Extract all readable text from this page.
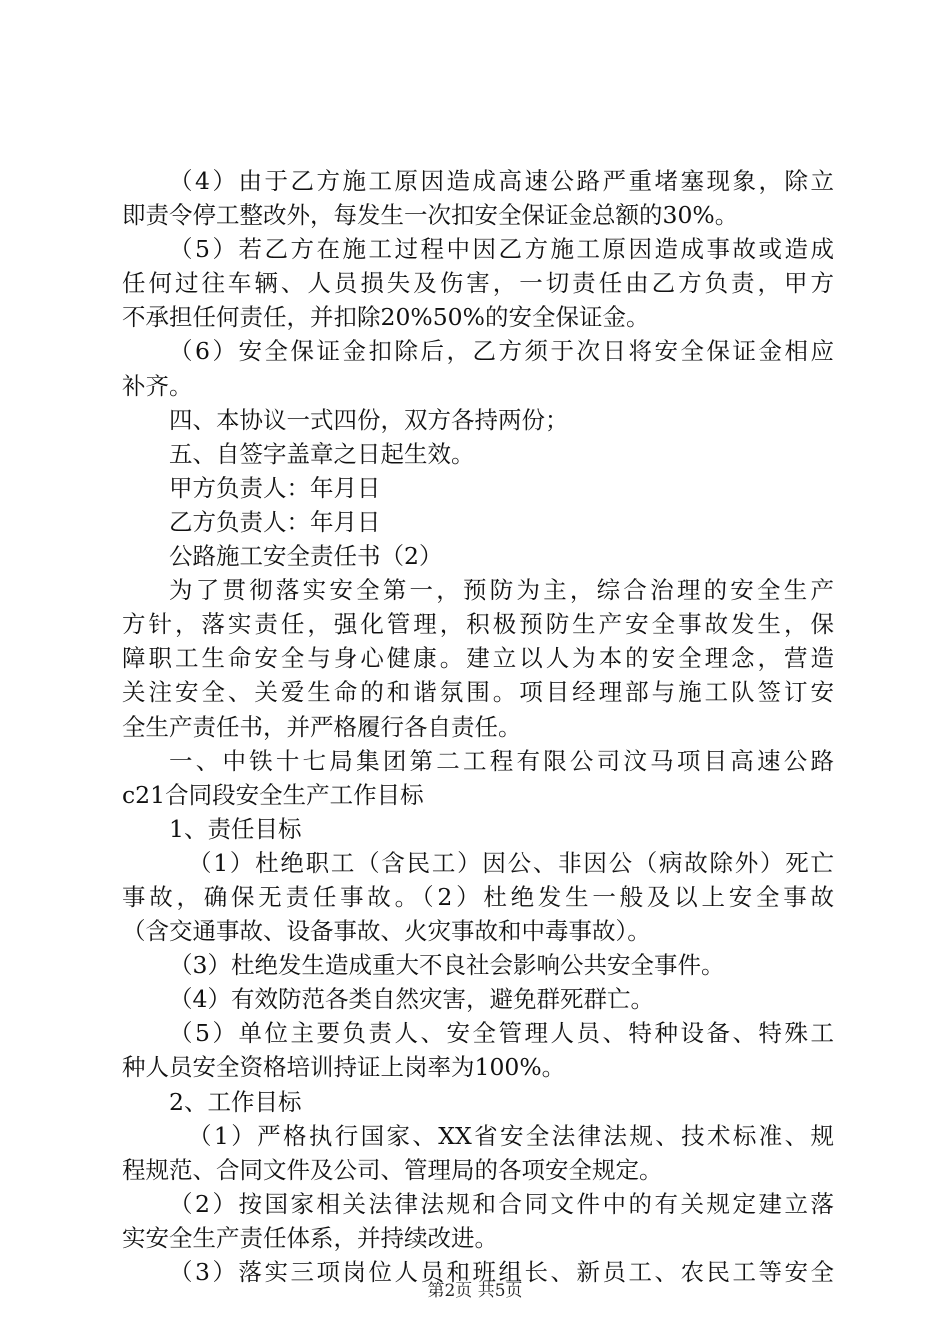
（4）由于乙方施工原因造成高速公路严重堵塞现象，除立
即责令停工整改外，每发生一次扣安全保证金总额的30%。
（5）若乙方在施工过程中因乙方施工原因造成事故或造成
任何过往车辆、人员损失及伤害，一切责任由乙方负责，甲方
不承担任何责任，并扣除20%50%的安全保证金。
（6）安全保证金扣除后，乙方须于次日将安全保证金相应
补齐。
四、本协议一式四份，双方各持两份；
五、自签字盖章之日起生效。
甲方负责人：年月日
乙方负责人：年月日
公路施工安全责任书（2）
为了贯彻落实安全第一，预防为主，综合治理的安全生产
方针，落实责任，强化管理，积极预防生产安全事故发生，保
障职工生命安全与身心健康。建立以人为本的安全理念，营造
关注安全、关爱生命的和谐氛围。项目经理部与施工队签订安
全生产责任书，并严格履行各自责任。
一、中铁十七局集团第二工程有限公司汶马项目高速公路
c21合同段安全生产工作目标
1、责任目标
（1）杜绝职工（含民工）因公、非因公（病故除外）死亡
事故，确保无责任事故。（2）杜绝发生一般及以上安全事故
（含交通事故、设备事故、火灾事故和中毒事故）。
（3）杜绝发生造成重大不良社会影响公共安全事件。
（4）有效防范各类自然灾害，避免群死群亡。
（5）单位主要负责人、安全管理人员、特种设备、特殊工
种人员安全资格培训持证上岗率为100%。
2、工作目标
（1）严格执行国家、XX省安全法律法规、技术标准、规
程规范、合同文件及公司、管理局的各项安全规定。
（2）按国家相关法律法规和合同文件中的有关规定建立落
实安全生产责任体系，并持续改进。
（3）落实三项岗位人员和班组长、新员工、农民工等安全
第2页 共5页
